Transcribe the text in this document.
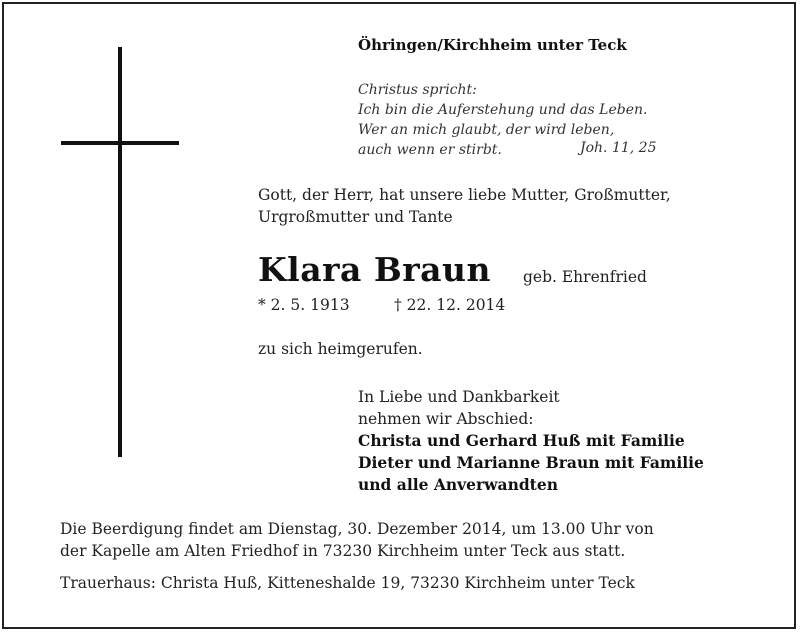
Öhringen/Kirchheim unter Teck
Christus spricht:
Ich bin die Auferstehung und das Leben.
Wer an mich glaubt, der wird leben,
auch wenn er stirbt.	Joh. 11, 25
Gott, der Herr, hat unsere liebe Mutter, Großmutter,
Urgroßmutter und Tante
Klara Braun geb. Ehrenfried
* 2. 5. 1913	† 22. 12. 2014
zu sich heimgerufen.
In Liebe und Dankbarkeit
nehmen wir Abschied:
Christa und Gerhard Huß mit Familie
Dieter und Marianne Braun mit Familie
und alle Anverwandten
Die Beerdigung findet am Dienstag, 30. Dezember 2014, um 13.00 Uhr von
der Kapelle am Alten Friedhof in 73230 Kirchheim unter Teck aus statt.
Trauerhaus: Christa Huß, Kitteneshalde 19, 73230 Kirchheim unter Teck
